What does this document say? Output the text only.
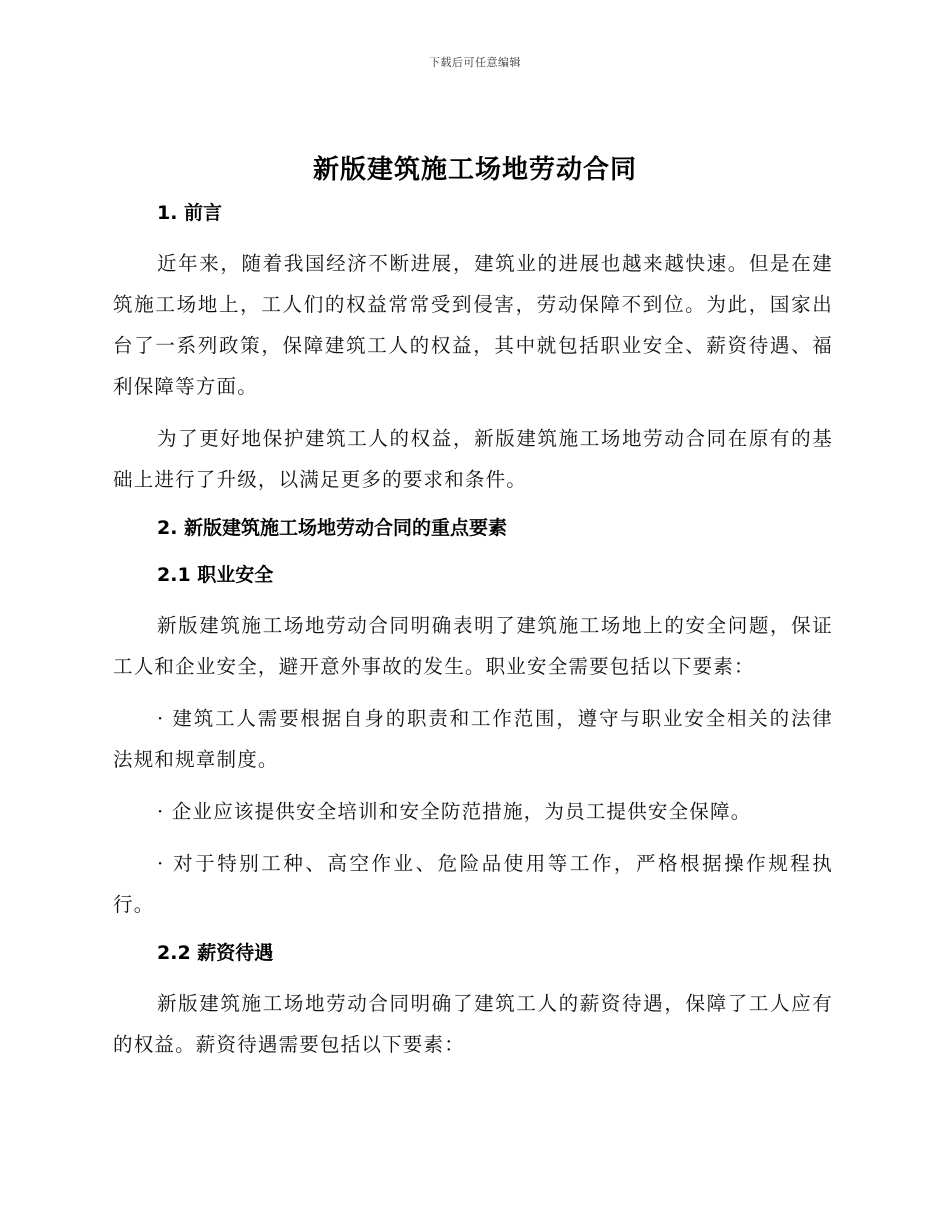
下载后可任意编辑
新版建筑施工场地劳动合同
1. 前言

近年来，随着我国经济不断进展，建筑业的进展也越来越快速。但是在建筑施工场地上，工人们的权益常常受到侵害，劳动保障不到位。为此，国家出台了一系列政策，保障建筑工人的权益，其中就包括职业安全、薪资待遇、福利保障等方面。

为了更好地保护建筑工人的权益，新版建筑施工场地劳动合同在原有的基础上进行了升级，以满足更多的要求和条件。

2. 新版建筑施工场地劳动合同的重点要素
2.1 职业安全

新版建筑施工场地劳动合同明确表明了建筑施工场地上的安全问题，保证工人和企业安全，避开意外事故的发生。职业安全需要包括以下要素：

· 建筑工人需要根据自身的职责和工作范围，遵守与职业安全相关的法律法规和规章制度。

· 企业应该提供安全培训和安全防范措施，为员工提供安全保障。

· 对于特别工种、高空作业、危险品使用等工作，严格根据操作规程执行。

2.2 薪资待遇

新版建筑施工场地劳动合同明确了建筑工人的薪资待遇，保障了工人应有的权益。薪资待遇需要包括以下要素：
